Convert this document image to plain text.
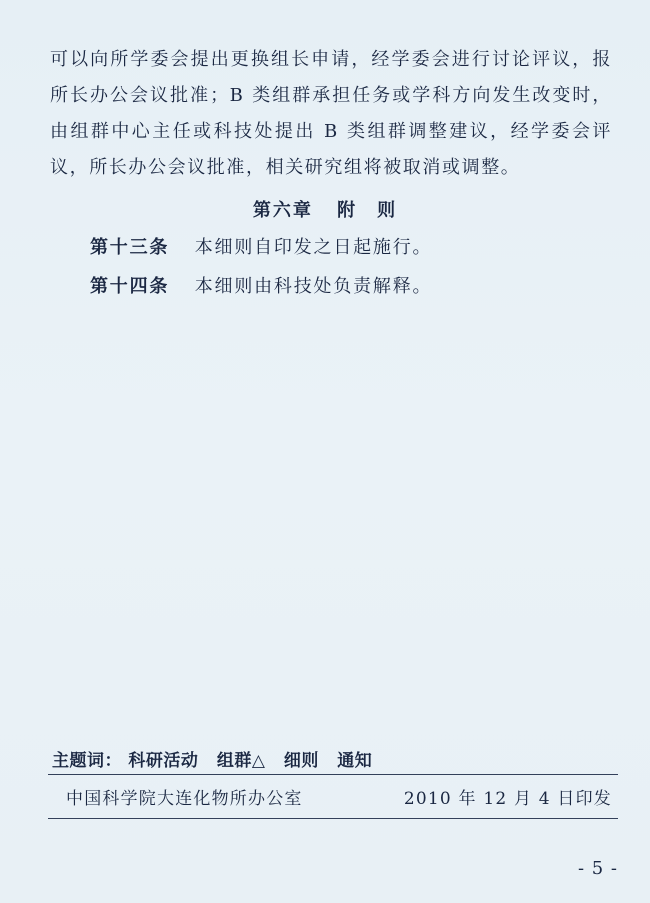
可以向所学委会提出更换组长申请，经学委会进行讨论评议，报所长办公会议批准；B 类组群承担任务或学科方向发生改变时，由组群中心主任或科技处提出 B 类组群调整建议，经学委会评议，所长办公会议批准，相关研究组将被取消或调整。

第六章 附　则
第十三条 本细则自印发之日起施行。
第十四条 本细则由科技处负责解释。
主题词： 科研活动 组群△ 细则 通知
中国科学院大连化物所办公室	2010 年 12 月 4 日印发
- 5 -
